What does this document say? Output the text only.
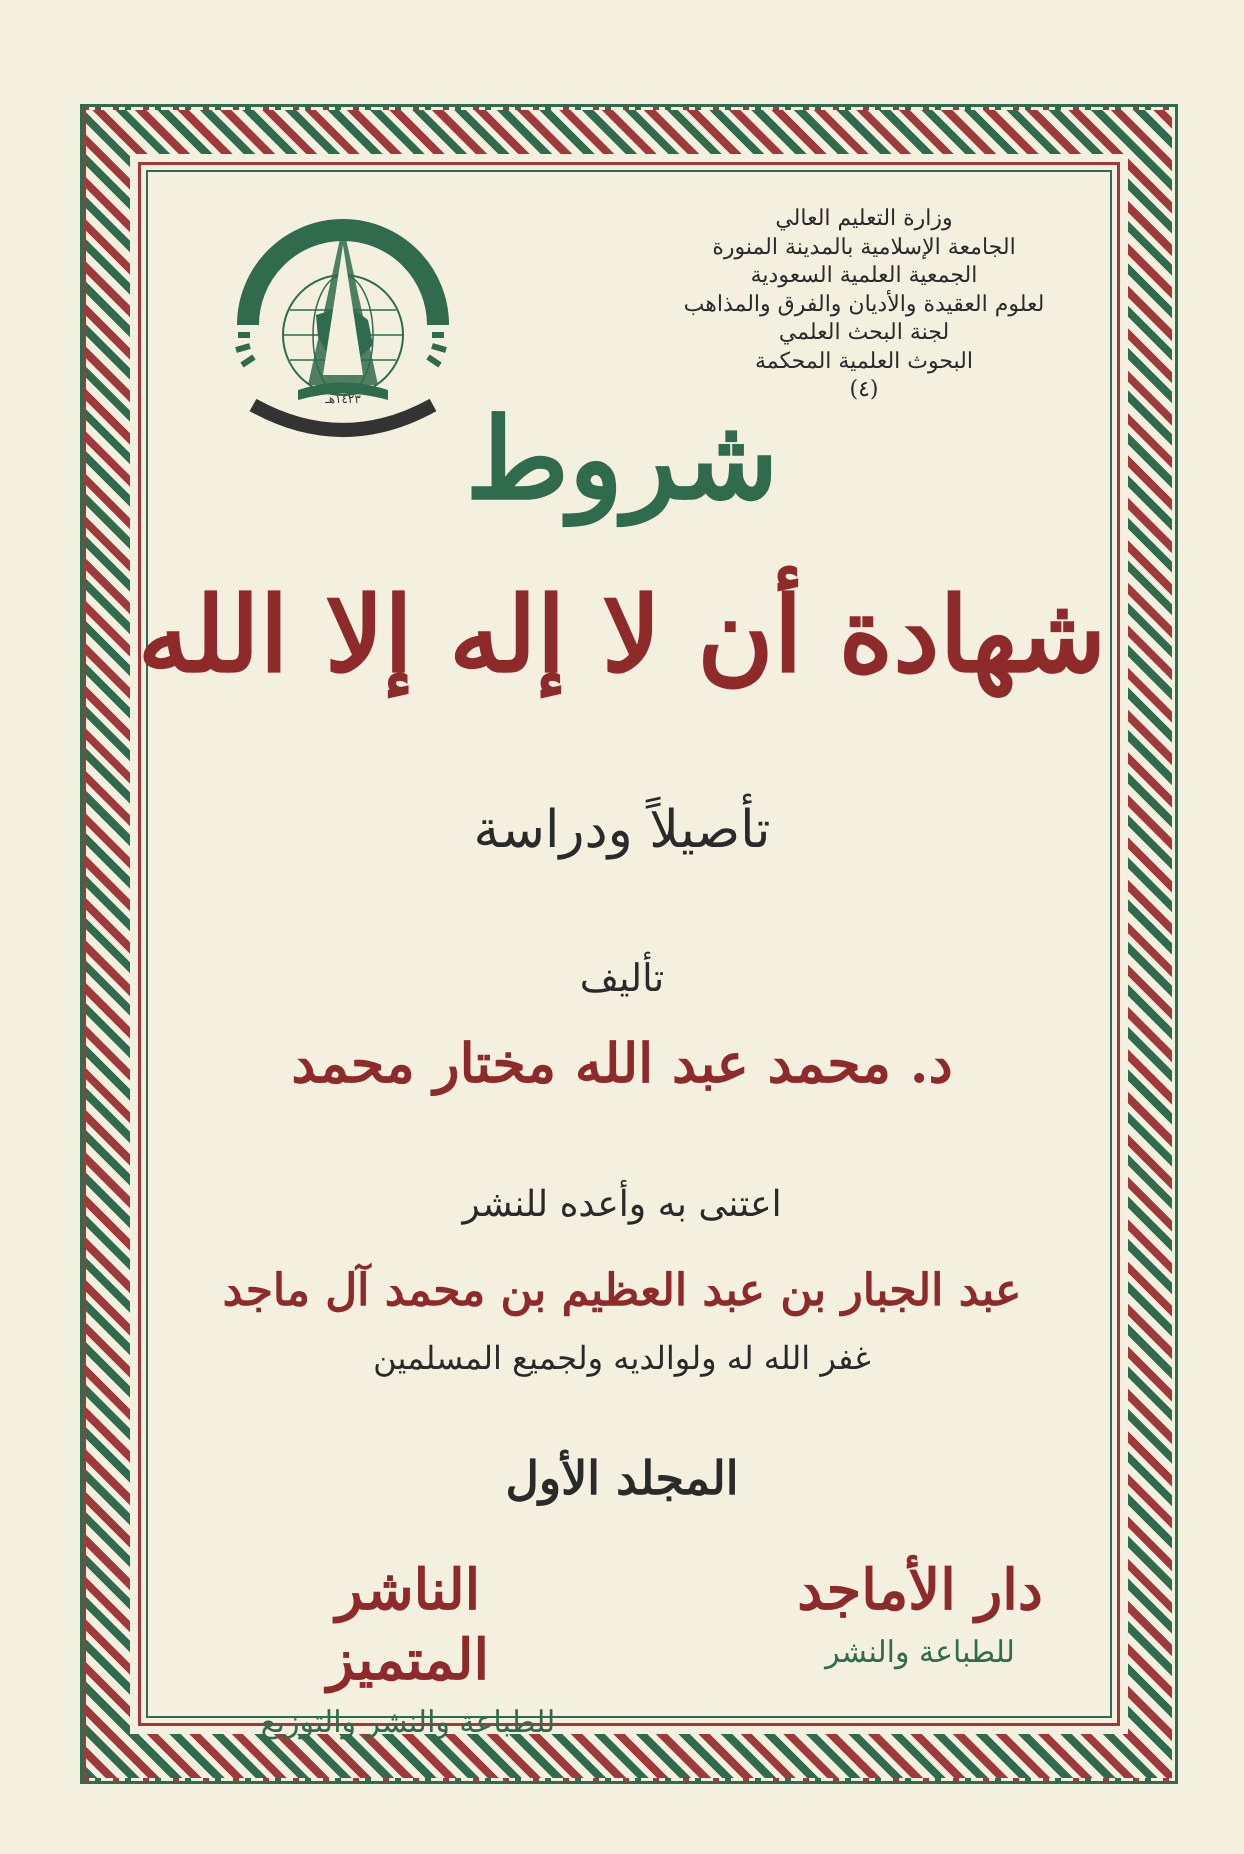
وزارة التعليم العالي
الجامعة الإسلامية بالمدينة المنورة
الجمعية العلمية السعودية
لعلوم العقيدة والأديان والفرق والمذاهب
لجنة البحث العلمي
البحوث العلمية المحكمة
(٤)
١٤٢٣هـ شروط
شهادة أن لا إله إلا الله
تأصيلاً ودراسة
تأليف
د. محمد عبد الله مختار محمد
اعتنى به وأعده للنشر
عبد الجبار بن عبد العظيم بن محمد آل ماجد
غفر الله له ولوالديه ولجميع المسلمين
المجلد الأول
دار الأماجد
للطباعة والنشر
الناشر المتميز
للطباعة والنشر والتوزيع
